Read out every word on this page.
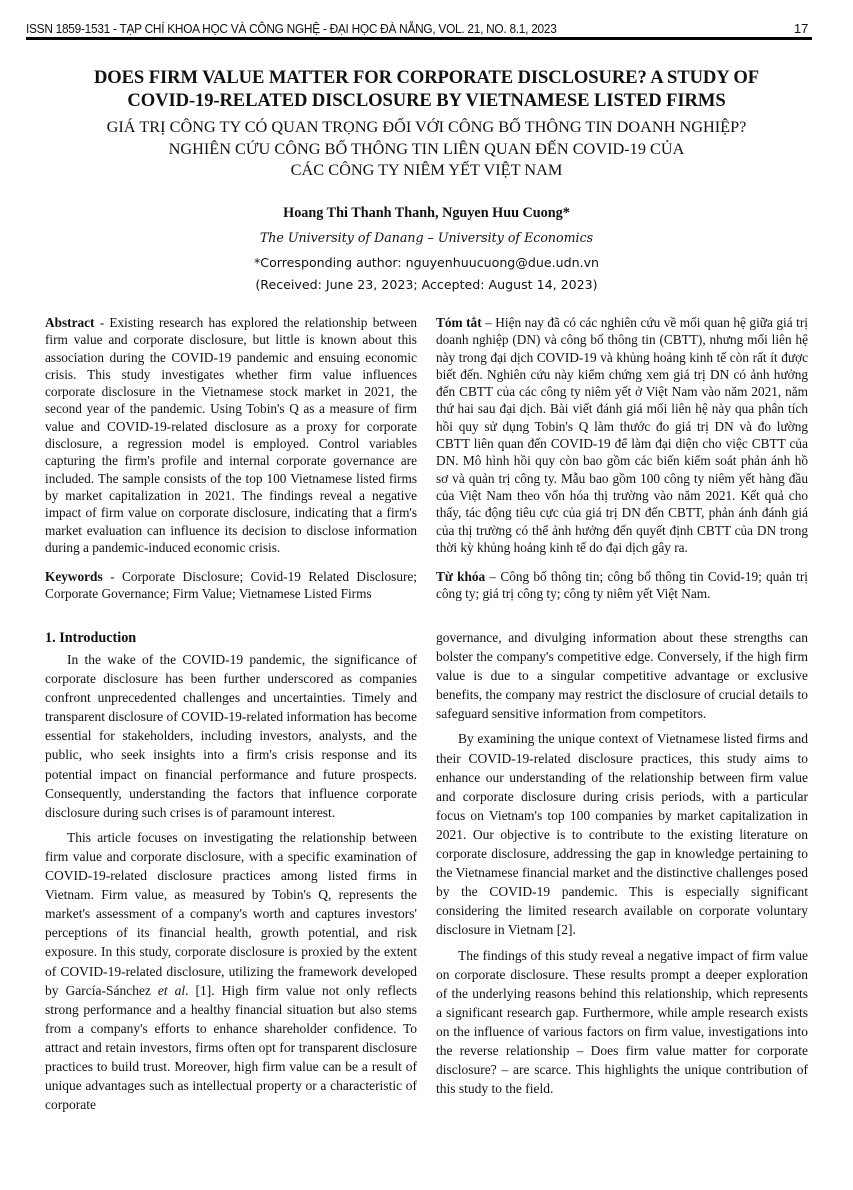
ISSN 1859-1531 - TẠP CHÍ KHOA HỌC VÀ CÔNG NGHỆ - ĐẠI HỌC ĐÀ NẴNG, VOL. 21, NO. 8.1, 2023	17
DOES FIRM VALUE MATTER FOR CORPORATE DISCLOSURE? A STUDY OF
COVID-19-RELATED DISCLOSURE BY VIETNAMESE LISTED FIRMS
GIÁ TRỊ CÔNG TY CÓ QUAN TRỌNG ĐỐI VỚI CÔNG BỐ THÔNG TIN DOANH NGHIỆP?
NGHIÊN CỨU CÔNG BỐ THÔNG TIN LIÊN QUAN ĐẾN COVID-19 CỦA
CÁC CÔNG TY NIÊM YẾT VIỆT NAM
Hoang Thi Thanh Thanh, Nguyen Huu Cuong*
The University of Danang – University of Economics
*Corresponding author: nguyenhuucuong@due.udn.vn
(Received: June 23, 2023; Accepted: August 14, 2023)

Abstract - Existing research has explored the relationship between firm value and corporate disclosure, but little is known about this association during the COVID-19 pandemic and ensuing economic crisis. This study investigates whether firm value influences corporate disclosure in the Vietnamese stock market in 2021, the second year of the pandemic. Using Tobin's Q as a measure of firm value and COVID-19-related disclosure as a proxy for corporate disclosure, a regression model is employed. Control variables capturing the firm's profile and internal corporate governance are included. The sample consists of the top 100 Vietnamese listed firms by market capitalization in 2021. The findings reveal a negative impact of firm value on corporate disclosure, indicating that a firm's market evaluation can influence its decision to disclose information during a pandemic-induced economic crisis.

Keywords - Corporate Disclosure; Covid-19 Related Disclosure; Corporate Governance; Firm Value; Vietnamese Listed Firms

Tóm tắt – Hiện nay đã có các nghiên cứu về mối quan hệ giữa giá trị doanh nghiệp (DN) và công bố thông tin (CBTT), nhưng mối liên hệ này trong đại dịch COVID-19 và khủng hoảng kinh tế còn rất ít được biết đến. Nghiên cứu này kiểm chứng xem giá trị DN có ảnh hưởng đến CBTT của các công ty niêm yết ở Việt Nam vào năm 2021, năm thứ hai sau đại dịch. Bài viết đánh giá mối liên hệ này qua phân tích hồi quy sử dụng Tobin's Q làm thước đo giá trị DN và đo lường CBTT liên quan đến COVID-19 để làm đại diện cho việc CBTT của DN. Mô hình hồi quy còn bao gồm các biến kiểm soát phản ánh hồ sơ và quản trị công ty. Mẫu bao gồm 100 công ty niêm yết hàng đầu của Việt Nam theo vốn hóa thị trường vào năm 2021. Kết quả cho thấy, tác động tiêu cực của giá trị DN đến CBTT, phản ánh đánh giá của thị trường có thể ảnh hưởng đến quyết định CBTT của DN trong thời kỳ khủng hoảng kinh tế do đại dịch gây ra.

Từ khóa – Công bố thông tin; công bố thông tin Covid-19; quản trị công ty; giá trị công ty; công ty niêm yết Việt Nam.

1. Introduction

In the wake of the COVID-19 pandemic, the significance of corporate disclosure has been further underscored as companies confront unprecedented challenges and uncertainties. Timely and transparent disclosure of COVID-19-related information has become essential for stakeholders, including investors, analysts, and the public, who seek insights into a firm's crisis response and its potential impact on financial performance and future prospects. Consequently, understanding the factors that influence corporate disclosure during such crises is of paramount interest.

This article focuses on investigating the relationship between firm value and corporate disclosure, with a specific examination of COVID-19-related disclosure practices among listed firms in Vietnam. Firm value, as measured by Tobin's Q, represents the market's assessment of a company's worth and captures investors' perceptions of its financial health, growth potential, and risk exposure. In this study, corporate disclosure is proxied by the extent of COVID-19-related disclosure, utilizing the framework developed by García-Sánchez et al. [1]. High firm value not only reflects strong performance and a healthy financial situation but also stems from a company's efforts to enhance shareholder confidence. To attract and retain investors, firms often opt for transparent disclosure practices to build trust. Moreover, high firm value can be a result of unique advantages such as intellectual property or a characteristic of corporate

governance, and divulging information about these strengths can bolster the company's competitive edge. Conversely, if the high firm value is due to a singular competitive advantage or exclusive benefits, the company may restrict the disclosure of crucial details to safeguard sensitive information from competitors.

By examining the unique context of Vietnamese listed firms and their COVID-19-related disclosure practices, this study aims to enhance our understanding of the relationship between firm value and corporate disclosure during crisis periods, with a particular focus on Vietnam's top 100 companies by market capitalization in 2021. Our objective is to contribute to the existing literature on corporate disclosure, addressing the gap in knowledge pertaining to the Vietnamese financial market and the distinctive challenges posed by the COVID-19 pandemic. This is especially significant considering the limited research available on corporate voluntary disclosure in Vietnam [2].

The findings of this study reveal a negative impact of firm value on corporate disclosure. These results prompt a deeper exploration of the underlying reasons behind this relationship, which represents a significant research gap. Furthermore, while ample research exists on the influence of various factors on firm value, investigations into the reverse relationship – Does firm value matter for corporate disclosure? – are scarce. This highlights the unique contribution of this study to the field.
